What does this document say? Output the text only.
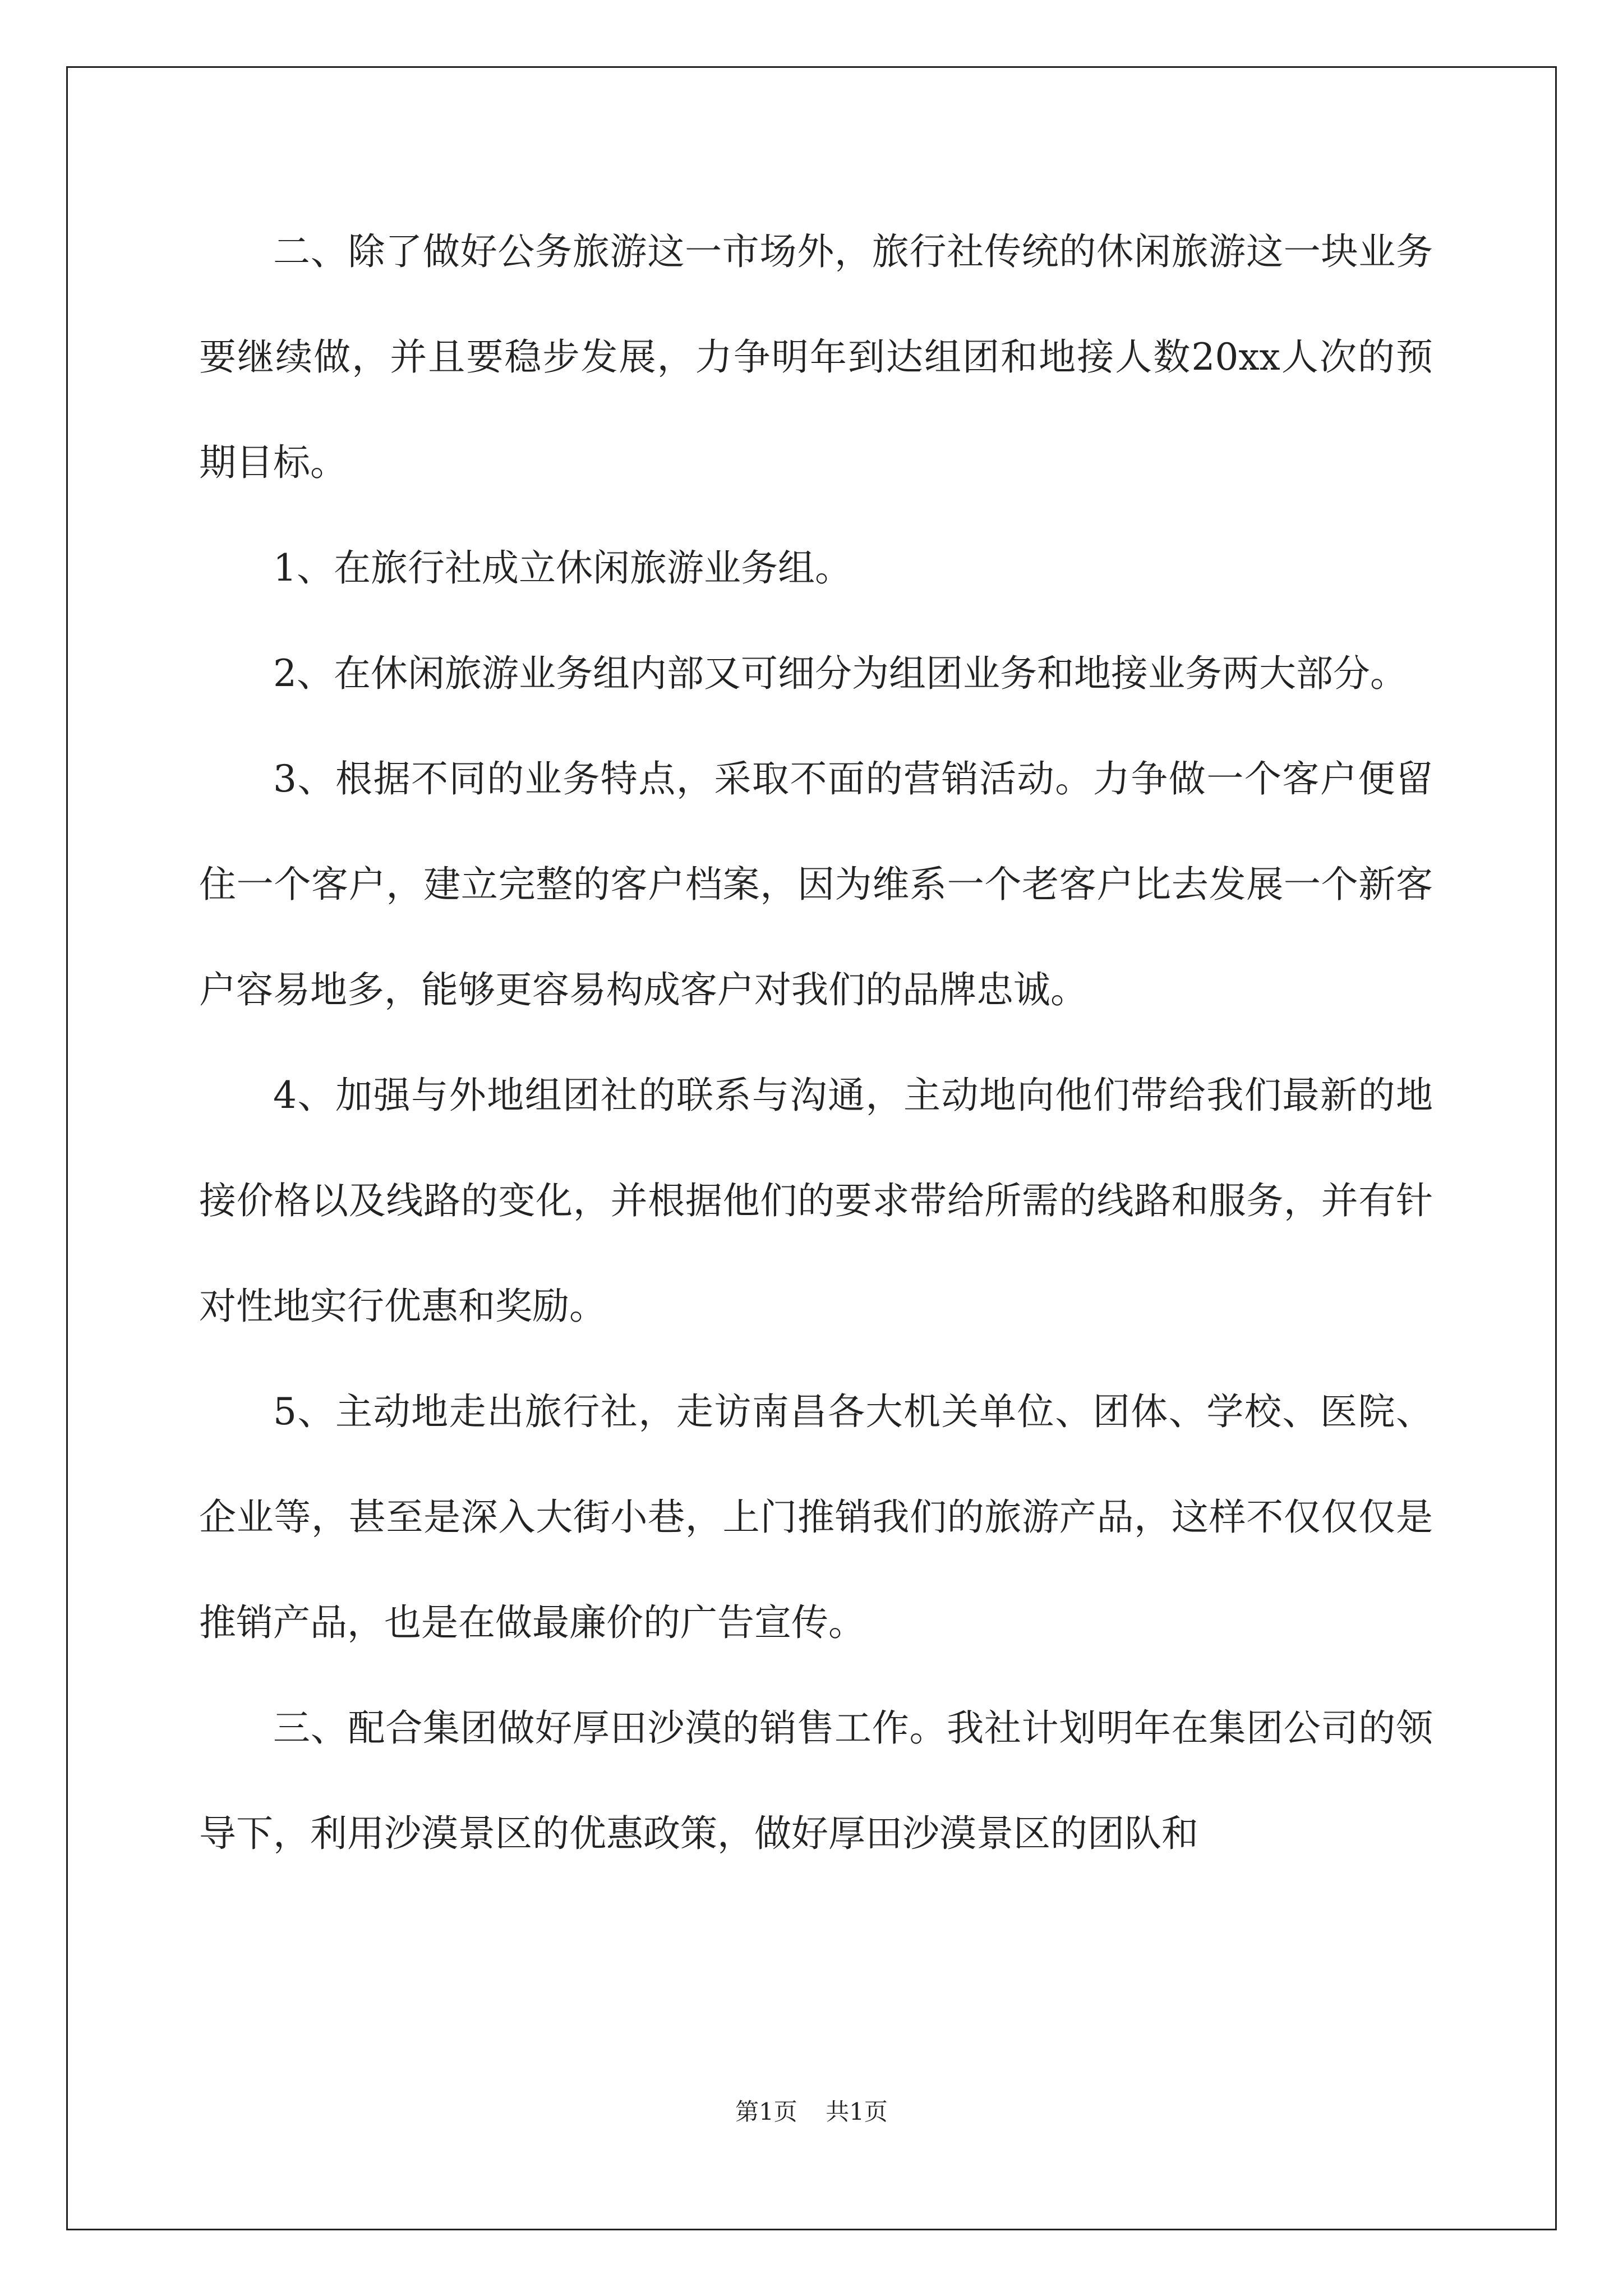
二、除了做好公务旅游这一市场外，旅行社传统的休闲旅游这一块业务要继续做，并且要稳步发展，力争明年到达组团和地接人数20xx人次的预期目标。

1、在旅行社成立休闲旅游业务组。

2、在休闲旅游业务组内部又可细分为组团业务和地接业务两大部分。

3、根据不同的业务特点，采取不面的营销活动。力争做一个客户便留住一个客户，建立完整的客户档案，因为维系一个老客户比去发展一个新客户容易地多，能够更容易构成客户对我们的品牌忠诚。

4、加强与外地组团社的联系与沟通，主动地向他们带给我们最新的地接价格以及线路的变化，并根据他们的要求带给所需的线路和服务，并有针对性地实行优惠和奖励。

5、主动地走出旅行社，走访南昌各大机关单位、团体、学校、医院、企业等，甚至是深入大街小巷，上门推销我们的旅游产品，这样不仅仅仅是推销产品，也是在做最廉价的广告宣传。

三、配合集团做好厚田沙漠的销售工作。我社计划明年在集团公司的领导下，利用沙漠景区的优惠政策，做好厚田沙漠景区的团队和

第1页 共1页
